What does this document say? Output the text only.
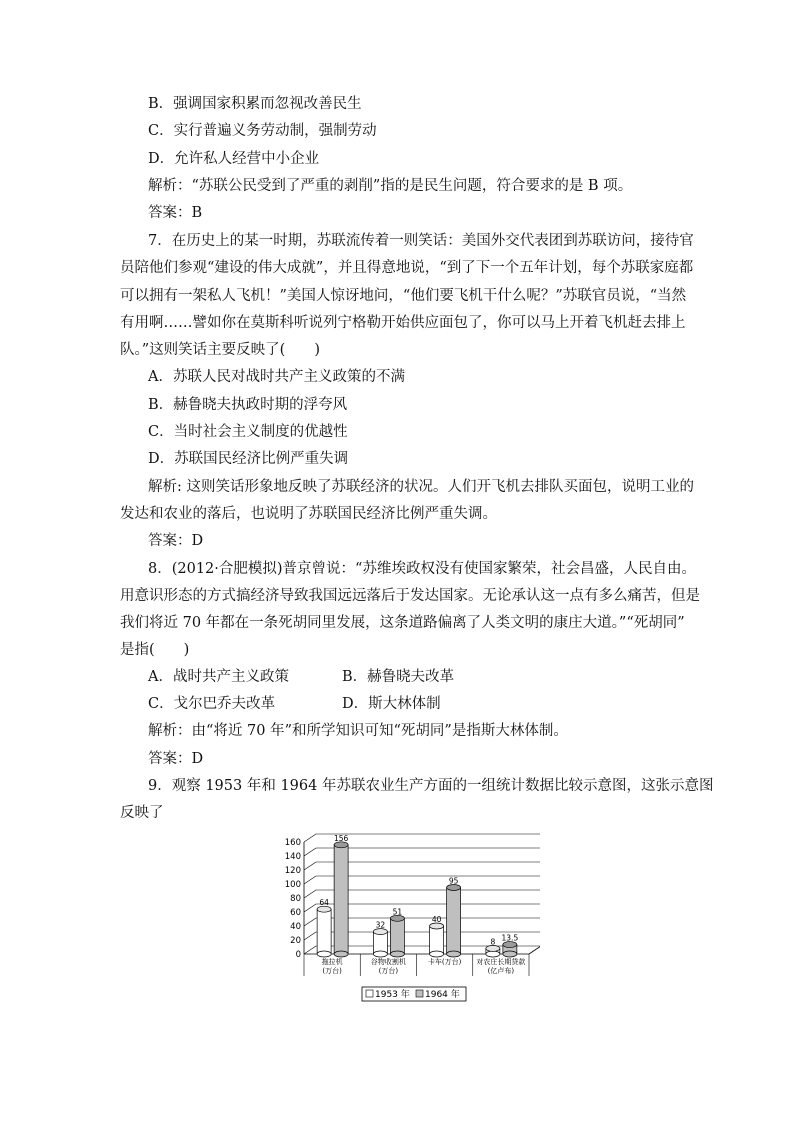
B．强调国家积累而忽视改善民生
C．实行普遍义务劳动制，强制劳动
D．允许私人经营中小企业
解析：“苏联公民受到了严重的剥削”指的是民生问题，符合要求的是 B 项。
答案：B
7．在历史上的某一时期，苏联流传着一则笑话：美国外交代表团到苏联访问，接待官
员陪他们参观“建设的伟大成就”，并且得意地说，“到了下一个五年计划，每个苏联家庭都
可以拥有一架私人飞机！”美国人惊讶地问，“他们要飞机干什么呢？”苏联官员说，“当然
有用啊……譬如你在莫斯科听说列宁格勒开始供应面包了，你可以马上开着飞机赶去排上
队。”这则笑话主要反映了(　　)
A．苏联人民对战时共产主义政策的不满
B．赫鲁晓夫执政时期的浮夸风
C．当时社会主义制度的优越性
D．苏联国民经济比例严重失调
解析: 这则笑话形象地反映了苏联经济的状况。人们开飞机去排队买面包，说明工业的
发达和农业的落后，也说明了苏联国民经济比例严重失调。
答案：D
8．(2012·合肥模拟)普京曾说：“苏维埃政权没有使国家繁荣，社会昌盛，人民自由。
用意识形态的方式搞经济导致我国远远落后于发达国家。无论承认这一点有多么痛苦，但是
我们将近 70 年都在一条死胡同里发展，这条道路偏离了人类文明的康庄大道。”“死胡同”
是指(　　)
A．战时共产主义政策	B．赫鲁晓夫改革
C．戈尔巴乔夫改革	D．斯大林体制
解析：由“将近 70 年”和所学知识可知“死胡同”是指斯大林体制。
答案：D
9．观察 1953 年和 1964 年苏联农业生产方面的一组统计数据比较示意图，这张示意图
反映了
0
20
40
60
80
100
120
140
160
64
156
拖拉机
(万台)
32
51
谷物收割机
(万台)
40
95
卡车(万台)
8 13.5
对农庄长期贷款
(亿卢布)
1953 年 1964 年
